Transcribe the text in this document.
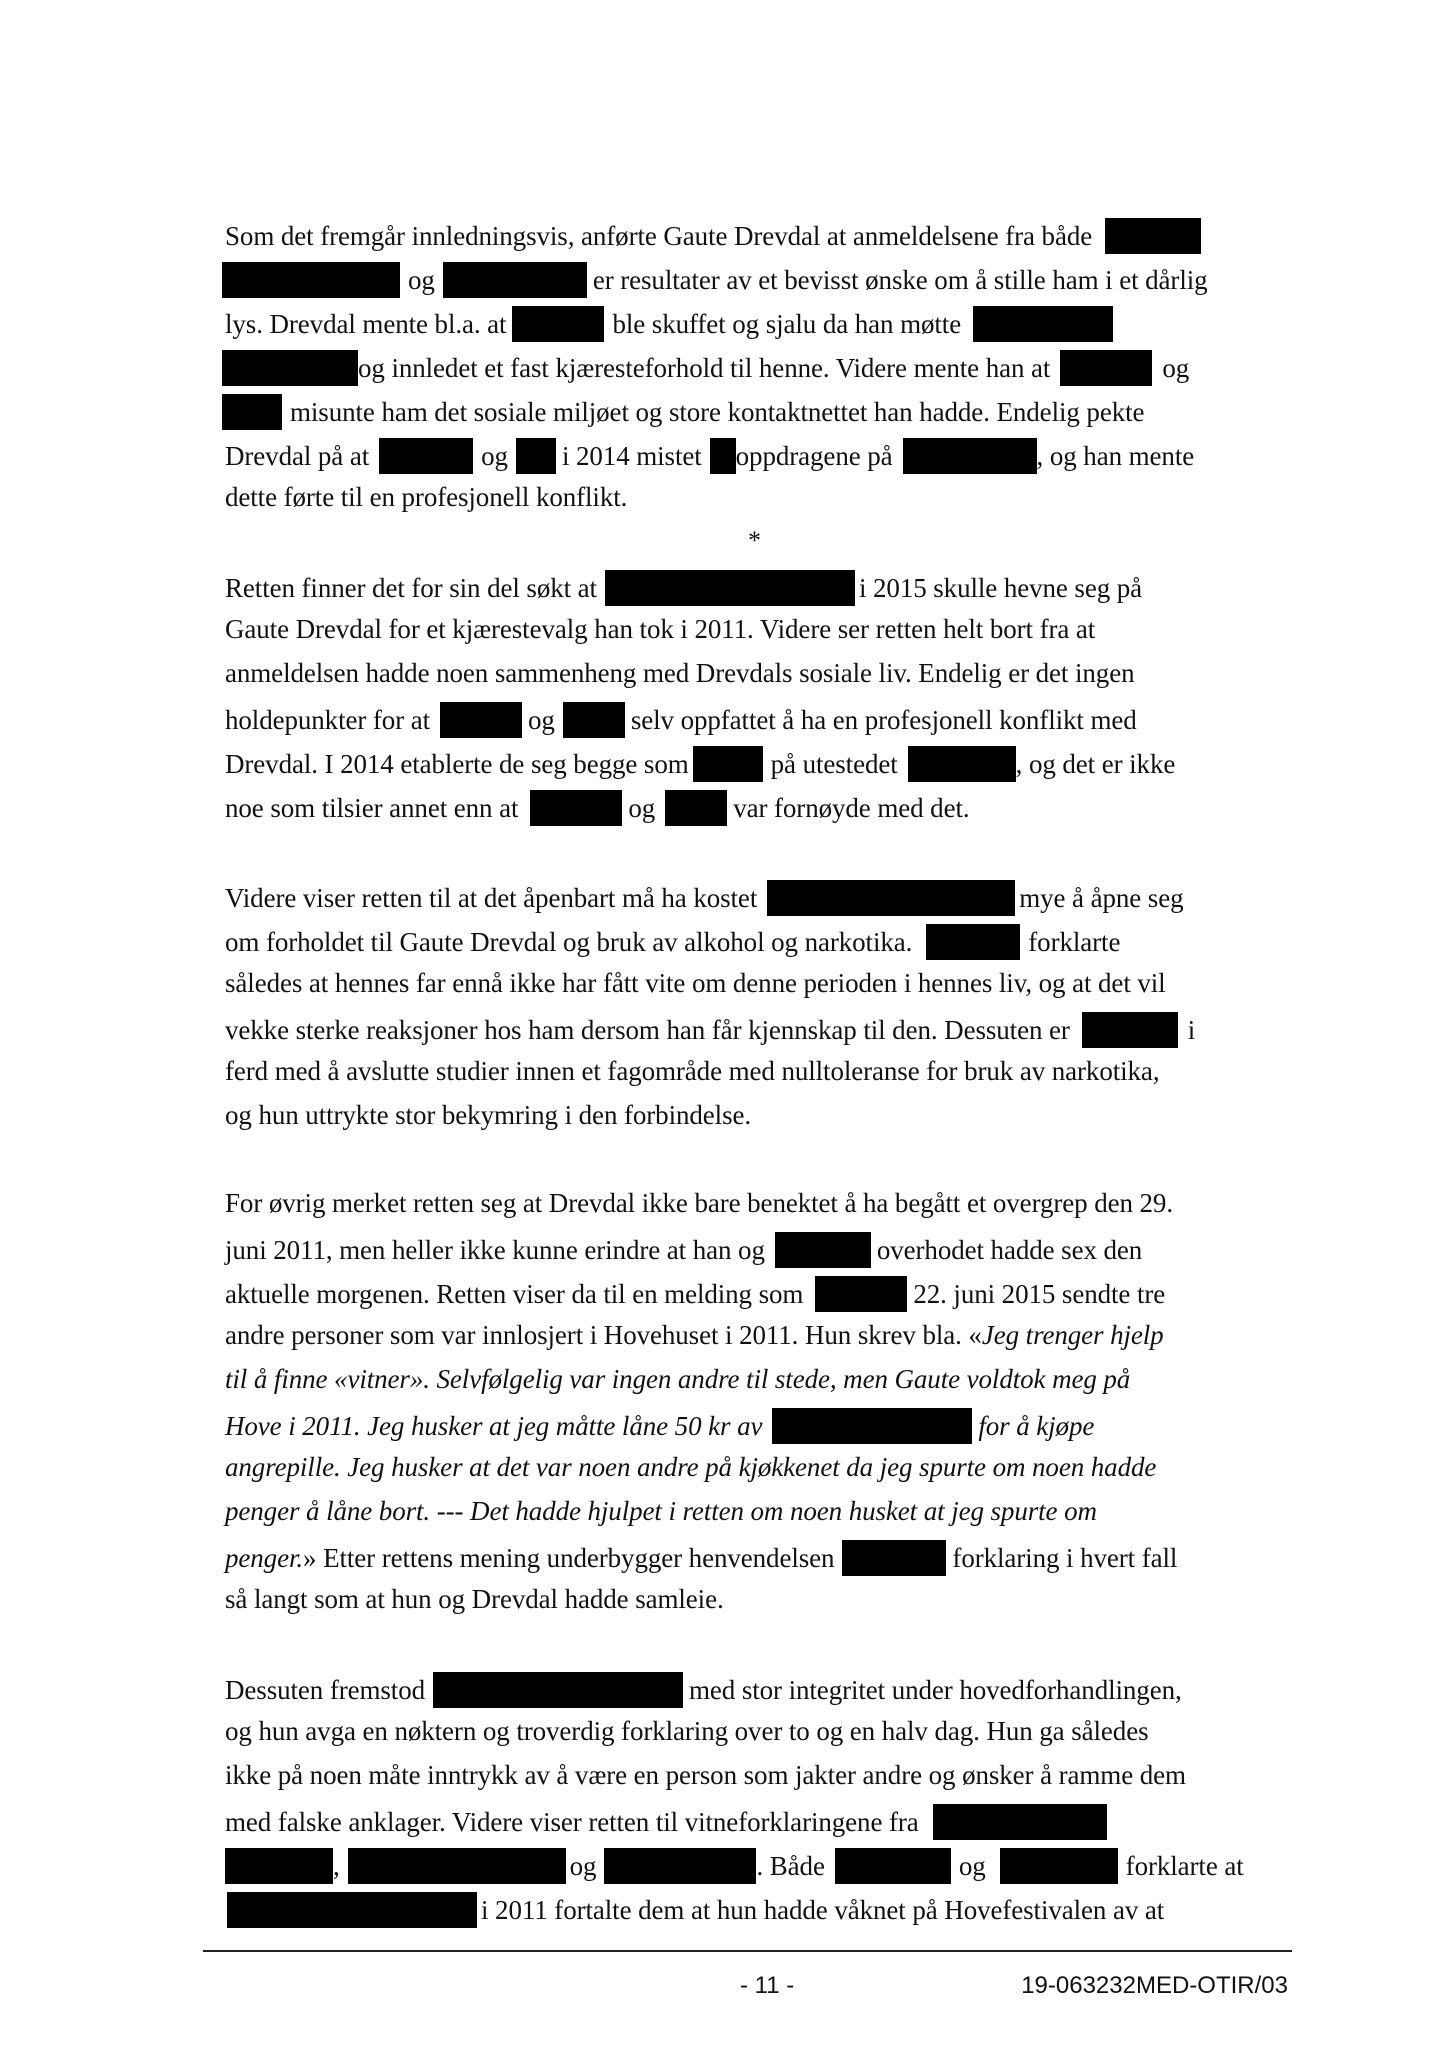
Som det fremgår innledningsvis, anførte Gaute Drevdal at anmeldelsene fra både
og	er resultater av et bevisst ønske om å stille ham i et dårlig
lys. Drevdal mente bl.a. at	ble skuffet og sjalu da han møtte
og innledet et fast kjæresteforhold til henne. Videre mente han at	og
misunte ham det sosiale miljøet og store kontaktnettet han hadde. Endelig pekte
Drevdal på at	og i 2014 mistet oppdragene på	, og han mente
dette førte til en profesjonell konflikt.
*
Retten finner det for sin del søkt at	i 2015 skulle hevne seg på
Gaute Drevdal for et kjærestevalg han tok i 2011. Videre ser retten helt bort fra at
anmeldelsen hadde noen sammenheng med Drevdals sosiale liv. Endelig er det ingen
holdepunkter for at	og	selv oppfattet å ha en profesjonell konflikt med
Drevdal. I 2014 etablerte de seg begge som	på utestedet	, og det er ikke
noe som tilsier annet enn at	og	var fornøyde med det.
Videre viser retten til at det åpenbart må ha kostet	mye å åpne seg
om forholdet til Gaute Drevdal og bruk av alkohol og narkotika.	forklarte
således at hennes far ennå ikke har fått vite om denne perioden i hennes liv, og at det vil
vekke sterke reaksjoner hos ham dersom han får kjennskap til den. Dessuten er	i
ferd med å avslutte studier innen et fagområde med nulltoleranse for bruk av narkotika,
og hun uttrykte stor bekymring i den forbindelse.
For øvrig merket retten seg at Drevdal ikke bare benektet å ha begått et overgrep den 29.
juni 2011, men heller ikke kunne erindre at han og	overhodet hadde sex den
aktuelle morgenen. Retten viser da til en melding som	22. juni 2015 sendte tre
andre personer som var innlosjert i Hovehuset i 2011. Hun skrev bla. «Jeg trenger hjelp
til å finne «vitner». Selvfølgelig var ingen andre til stede, men Gaute voldtok meg på
Hove i 2011. Jeg husker at jeg måtte låne 50 kr av	for å kjøpe
angrepille. Jeg husker at det var noen andre på kjøkkenet da jeg spurte om noen hadde
penger å låne bort. --- Det hadde hjulpet i retten om noen husket at jeg spurte om
penger.» Etter rettens mening underbygger henvendelsen	forklaring i hvert fall
så langt som at hun og Drevdal hadde samleie.
Dessuten fremstod	med stor integritet under hovedforhandlingen,
og hun avga en nøktern og troverdig forklaring over to og en halv dag. Hun ga således
ikke på noen måte inntrykk av å være en person som jakter andre og ønsker å ramme dem
med falske anklager. Videre viser retten til vitneforklaringene fra
,	og	. Både	og	forklarte at
i 2011 fortalte dem at hun hadde våknet på Hovefestivalen av at
- 11 -	19-063232MED-OTIR/03
